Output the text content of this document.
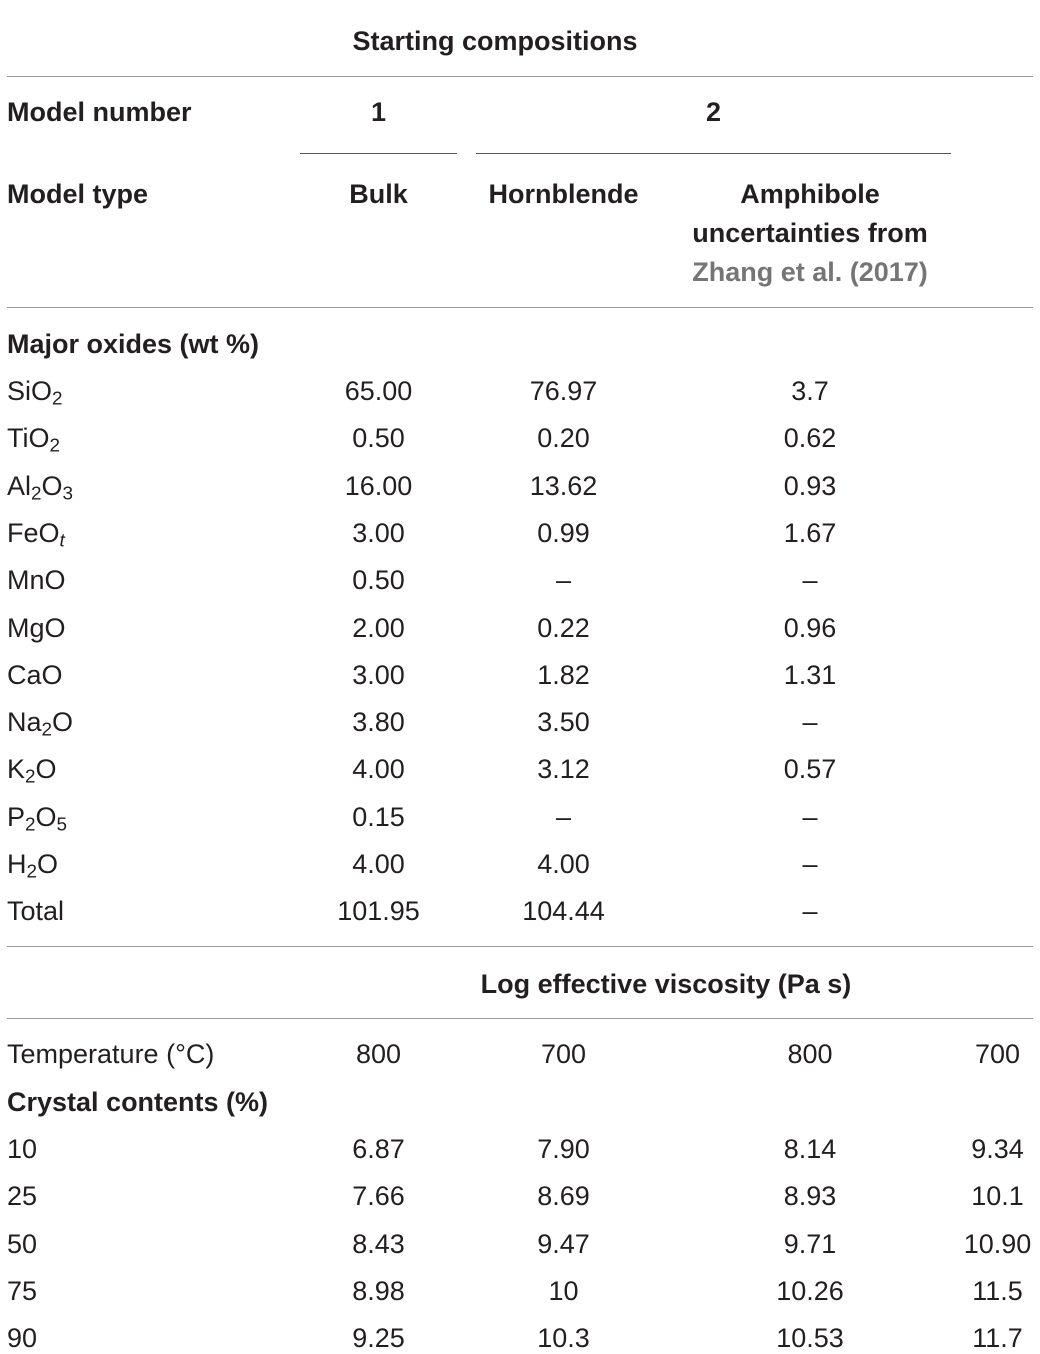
Starting compositions
Model number	1	2
Model type	Bulk	Hornblende	Amphibole
uncertainties from
Zhang et al. (2017)
Major oxides (wt %)
SiO$_2$	65.00	76.97	3.7
TiO$_2$	0.50	0.20	0.62
$Al_2O_3$	16.00	13.62	0.93
FeO$_t$	3.00	0.99	1.67
MnO	0.50	–	–
MgO	2.00	0.22	0.96
CaO	3.00	1.82	1.31
$Na_2O$	3.80	3.50	–
$K_2O$	4.00	3.12	0.57
$P_2O_5$	0.15	–	–
$H_2O$	4.00	4.00	–
Total	101.95	104.44	–
Log effective viscosity (Pa s)
Temperature (°C)	800	700	800	700
Crystal contents (%)
10	6.87	7.90	8.14	9.34
25	7.66	8.69	8.93	10.1
50	8.43	9.47	9.71	10.90
75	8.98	10	10.26	11.5
90	9.25	10.3	10.53	11.7
